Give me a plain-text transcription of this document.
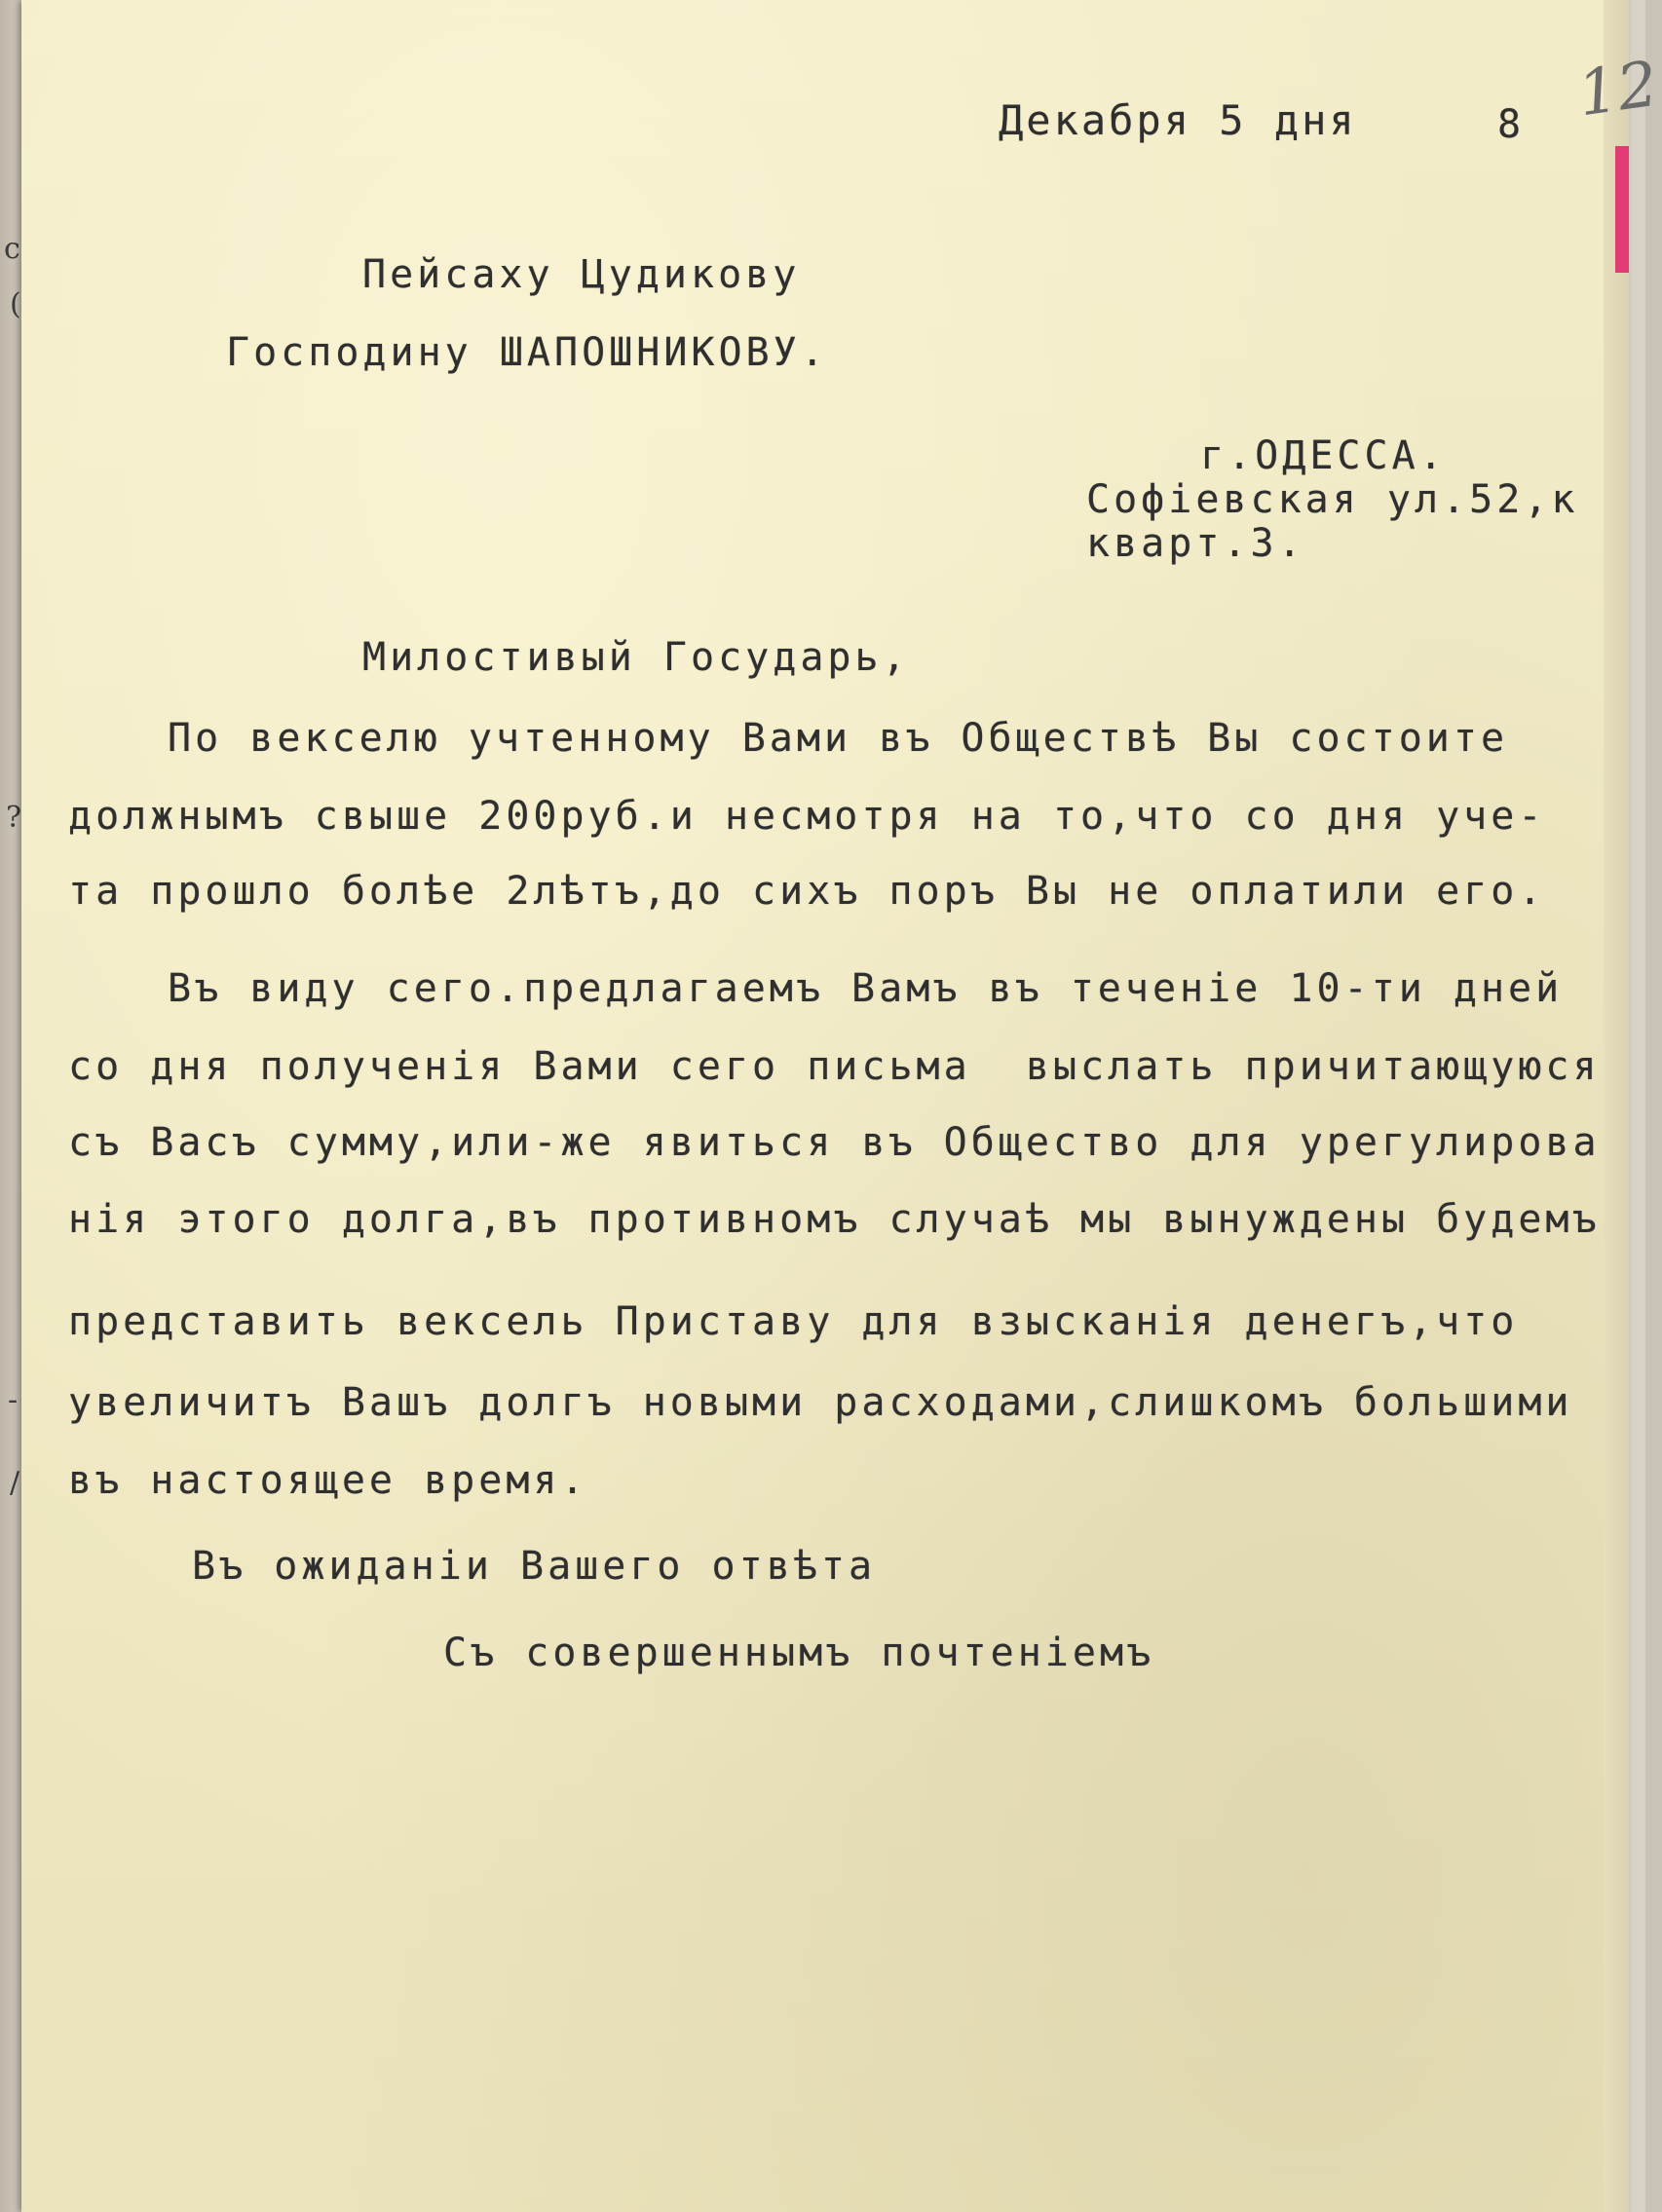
c
(
?
-
/
Декабря 5 дня	8 12
Пейсаху Цудикову
Господину ШАПОШНИКОВУ.
г.ОДЕССА.
Софiевская ул.52,к
кварт.3.
Милостивый Государь,
По векселю учтенному Вами въ Обществѣ Вы состоите
должнымъ свыше 200руб.и несмотря на то,что со дня уче-
та прошло болѣе 2лѣтъ,до сихъ поръ Вы не оплатили его.
Въ виду сего.предлагаемъ Вамъ въ теченiе 10-ти дней
со дня полученiя Вами сего письма  выслать причитающуюся
съ Васъ сумму,или-же явиться въ Общество для урегулирова
нiя этого долга,въ противномъ случаѣ мы вынуждены будемъ
представить вексель Приставу для взысканiя денегъ,что
увеличитъ Вашъ долгъ новыми расходами,слишкомъ большими
въ настоящее время.
Въ ожиданiи Вашего отвѣта
Съ совершеннымъ почтенiемъ
